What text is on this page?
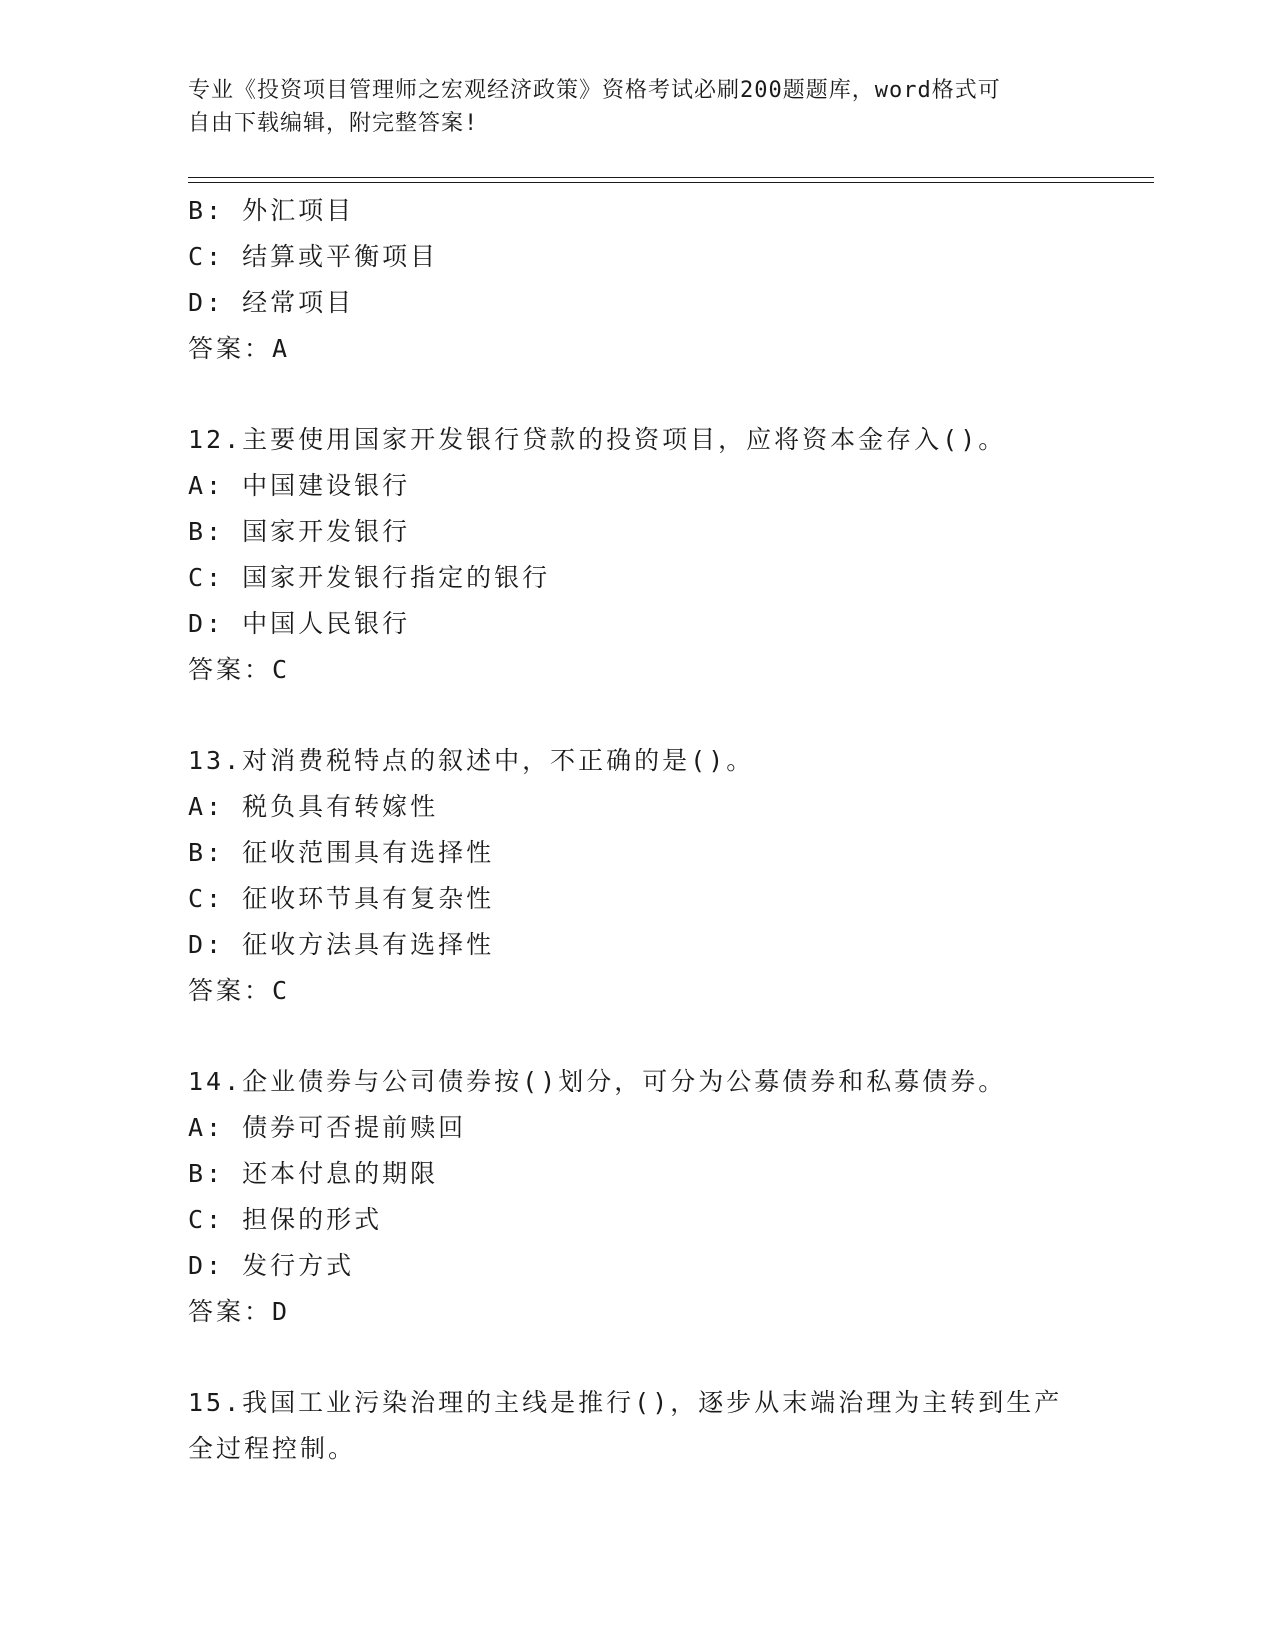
专业《投资项目管理师之宏观经济政策》资格考试必刷200题题库，word格式可
自由下载编辑，附完整答案!
B: 外汇项目
C: 结算或平衡项目
D: 经常项目
答案：A
12.主要使用国家开发银行贷款的投资项目，应将资本金存入()。
A: 中国建设银行
B: 国家开发银行
C: 国家开发银行指定的银行
D: 中国人民银行
答案：C
13.对消费税特点的叙述中，不正确的是()。
A: 税负具有转嫁性
B: 征收范围具有选择性
C: 征收环节具有复杂性
D: 征收方法具有选择性
答案：C
14.企业债券与公司债券按()划分，可分为公募债券和私募债券。
A: 债券可否提前赎回
B: 还本付息的期限
C: 担保的形式
D: 发行方式
答案：D
15.我国工业污染治理的主线是推行()，逐步从末端治理为主转到生产
全过程控制。
